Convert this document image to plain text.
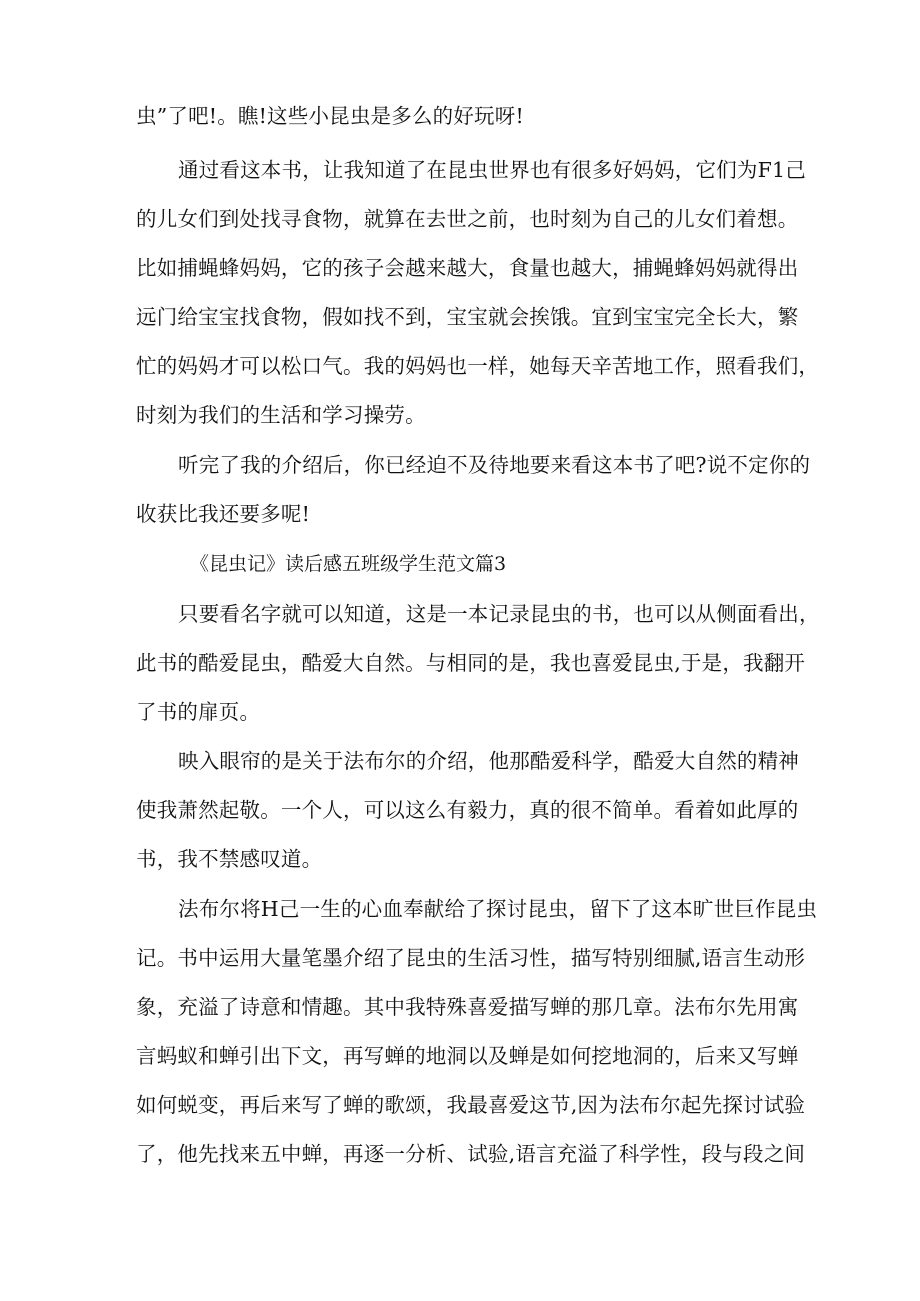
虫”了吧!。瞧!这些小昆虫是多么的好玩呀!
通过看这本书，让我知道了在昆虫世界也有很多好妈妈，它们为F1己
的儿女们到处找寻食物，就算在去世之前，也时刻为自己的儿女们着想。
比如捕蝇蜂妈妈，它的孩子会越来越大，食量也越大，捕蝇蜂妈妈就得出
远门给宝宝找食物，假如找不到，宝宝就会挨饿。宜到宝宝完全长大，繁
忙的妈妈才可以松口气。我的妈妈也一样，她每天辛苦地工作，照看我们，
时刻为我们的生活和学习操劳。
听完了我的介绍后，你已经迫不及待地要来看这本书了吧?说不定你的
收获比我还要多呢!
《昆虫记》读后感五班级学生范文篇3
只要看名字就可以知道，这是一本记录昆虫的书，也可以从侧面看出，
此书的酷爱昆虫，酷爱大自然。与相同的是，我也喜爱昆虫,于是，我翻开
了书的扉页。
映入眼帘的是关于法布尔的介绍，他那酷爱科学，酷爱大自然的精神
使我萧然起敬。一个人，可以这么有毅力，真的很不简单。看着如此厚的
书，我不禁感叹道。
法布尔将H己一生的心血奉献给了探讨昆虫，留下了这本旷世巨作昆虫
记。书中运用大量笔墨介绍了昆虫的生活习性，描写特别细腻,语言生动形
象，充溢了诗意和情趣。其中我特殊喜爱描写蝉的那几章。法布尔先用寓
言蚂蚁和蝉引出下文，再写蝉的地洞以及蝉是如何挖地洞的，后来又写蝉
如何蜕变，再后来写了蝉的歌颂，我最喜爱这节,因为法布尔起先探讨试验
了，他先找来五中蝉，再逐一分析、试验,语言充溢了科学性，段与段之间
